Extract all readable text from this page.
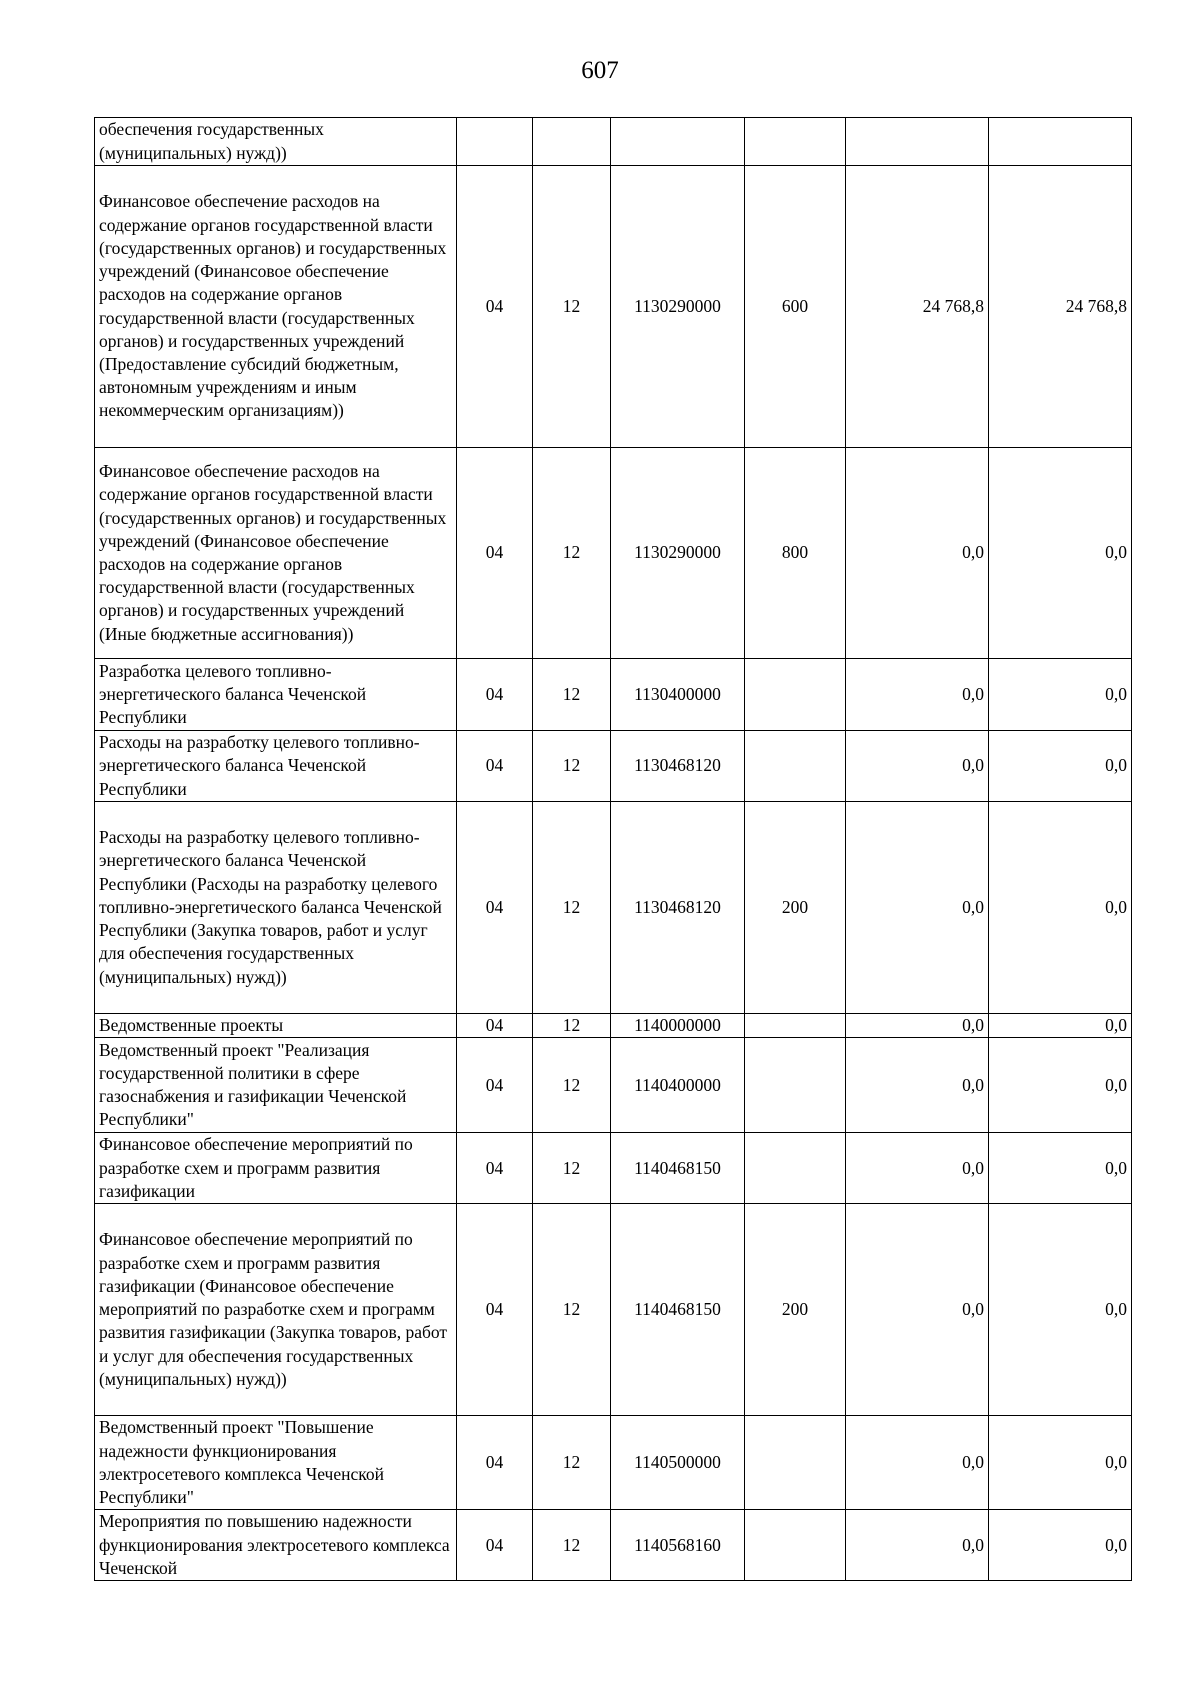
607
обеспечения государственных (муниципальных) нужд))						
Финансовое обеспечение расходов на содержание органов государственной власти (государственных органов) и государственных учреждений (Финансовое обеспечение расходов на содержание органов государственной власти (государственных органов) и государственных учреждений (Предоставление субсидий бюджетным, автономным учреждениям и иным некоммерческим организациям))	04	12	1130290000	600	24 768,8	24 768,8
Финансовое обеспечение расходов на содержание органов государственной власти (государственных органов) и государственных учреждений (Финансовое обеспечение расходов на содержание органов государственной власти (государственных органов) и государственных учреждений (Иные бюджетные ассигнования))	04	12	1130290000	800	0,0	0,0
Разработка целевого топливно-энергетического баланса Чеченской Республики	04	12	1130400000		0,0	0,0
Расходы на разработку целевого топливно-энергетического баланса Чеченской Республики	04	12	1130468120		0,0	0,0
Расходы на разработку целевого топливно-энергетического баланса Чеченской Республики (Расходы на разработку целевого топливно-энергетического баланса Чеченской Республики (Закупка товаров, работ и услуг для обеспечения государственных (муниципальных) нужд))	04	12	1130468120	200	0,0	0,0
Ведомственные проекты	04	12	1140000000		0,0	0,0
Ведомственный проект "Реализация государственной политики в сфере газоснабжения и газификации Чеченской Республики"	04	12	1140400000		0,0	0,0
Финансовое обеспечение мероприятий по разработке схем и программ развития газификации	04	12	1140468150		0,0	0,0
Финансовое обеспечение мероприятий по разработке схем и программ развития газификации (Финансовое обеспечение мероприятий по разработке схем и программ развития газификации (Закупка товаров, работ и услуг для обеспечения государственных (муниципальных) нужд))	04	12	1140468150	200	0,0	0,0
Ведомственный проект "Повышение надежности функционирования электросетевого комплекса Чеченской Республики"	04	12	1140500000		0,0	0,0
Мероприятия по повышению надежности функционирования электросетевого комплекса Чеченской	04	12	1140568160		0,0	0,0
